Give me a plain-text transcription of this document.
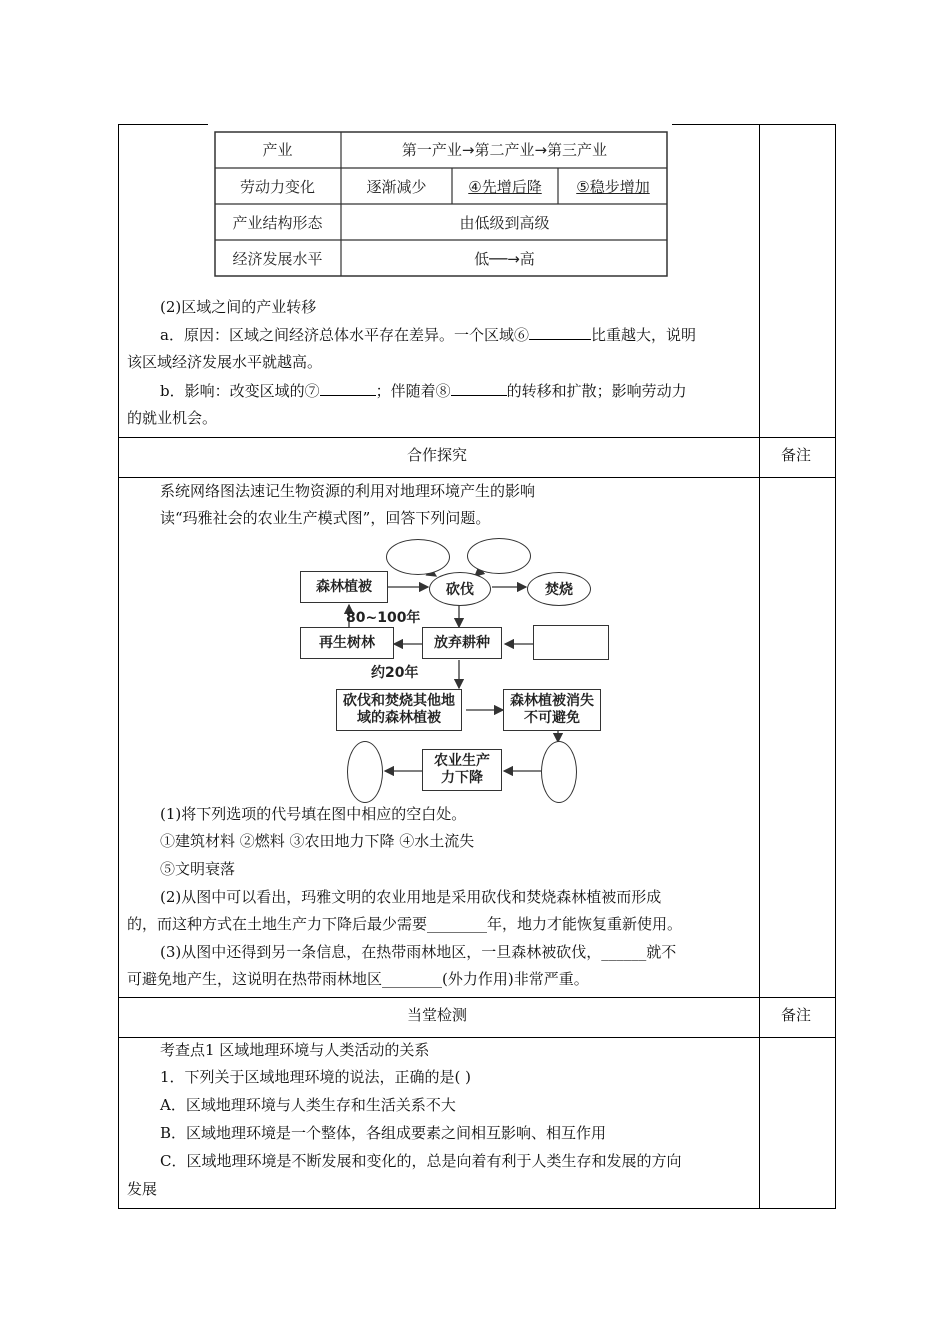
产业	第一产业→第二产业→第三产业
劳动力变化	逐渐减少	④先增后降	⑤稳步增加
产业结构形态	由低级到高级
经济发展水平	低──→高
(2)区域之间的产业转移
a．原因：区域之间经济总体水平存在差异。一个区域⑥	比重越大，说明
该区域经济发展水平就越高。
b．影响：改变区域的⑦	；伴随着⑧	的转移和扩散；影响劳动力
的就业机会。
合作探究	备注
系统网络图法速记生物资源的利用对地理环境产生的影响
读“玛雅社会的农业生产模式图”，回答下列问题。
森林植被	砍伐	焚烧
80~100年
再生树林	放弃耕种
约20年
砍伐和焚烧其他地域的森林植被
森林植被消失不可避免
农业生产力下降
(1)将下列选项的代号填在图中相应的空白处。
①建筑材料 ②燃料 ③农田地力下降 ④水土流失
⑤文明衰落
(2)从图中可以看出，玛雅文明的农业用地是采用砍伐和焚烧森林植被而形成
的，而这种方式在土地生产力下降后最少需要________年，地力才能恢复重新使用。
(3)从图中还得到另一条信息，在热带雨林地区，一旦森林被砍伐，______就不
可避免地产生，这说明在热带雨林地区________(外力作用)非常严重。
当堂检测	备注
考查点1 区域地理环境与人类活动的关系
1．下列关于区域地理环境的说法，正确的是( )
A．区域地理环境与人类生存和生活关系不大
B．区域地理环境是一个整体，各组成要素之间相互影响、相互作用
C．区域地理环境是不断发展和变化的，总是向着有利于人类生存和发展的方向
发展
